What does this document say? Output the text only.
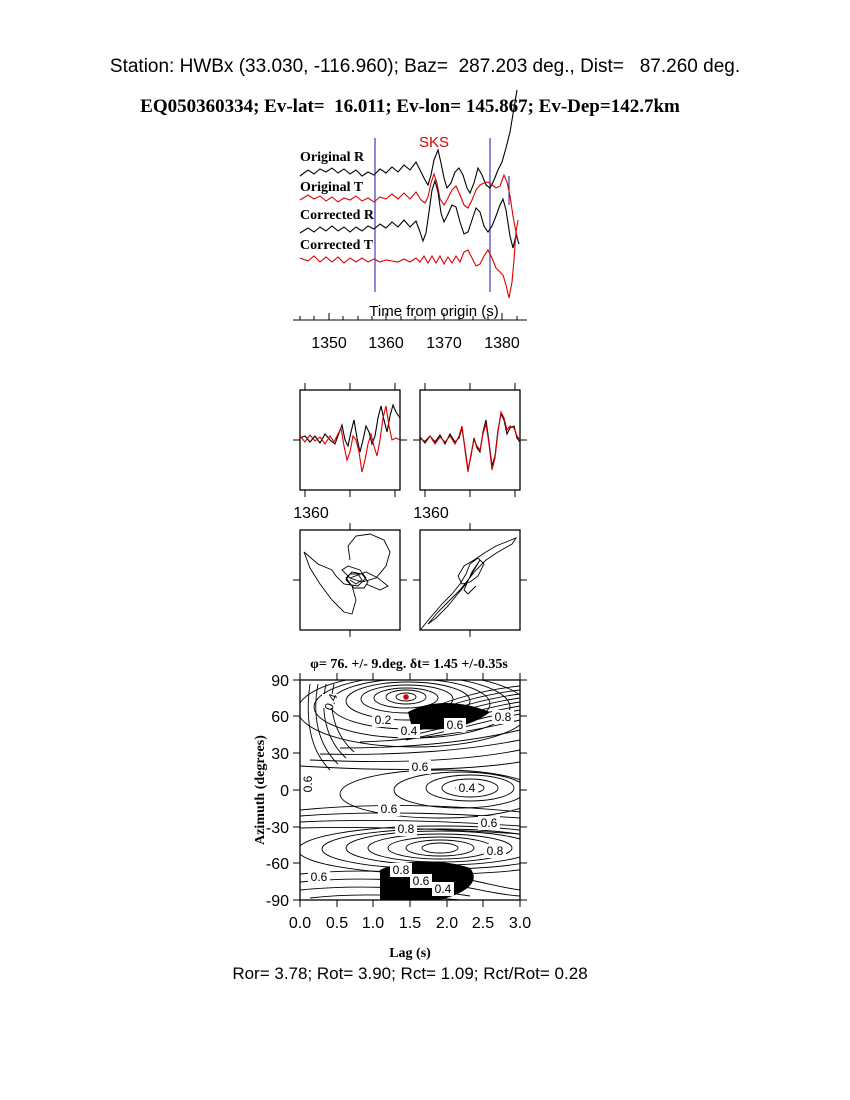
Station: HWBx (33.030, -116.960); Baz=  287.203 deg., Dist=   87.260 deg.
EQ050360334; Ev-lat=  16.011; Ev-lon= 145.867; Ev-Dep=142.7km
SKS
Original R
Original T
Corrected R
Corrected T
Time from origin (s)
1350 1360 1370 1380
1360	1360
φ= 76. +/- 9.deg. δt= 1.45 +/-0.35s
0.4
0.2
0.4 0.6
0.8
0.6
0.6	0.4
0.6
0.8	0.6
0.8
0.6	0.8
0.6
0.4
90
60
30
0
-30
-60
-90
0.0 0.5 1.0 1.5 2.0 2.5 3.0
Lag (s)
Azimuth (degrees)
Ror= 3.78; Rot= 3.90; Rct= 1.09; Rct/Rot= 0.28
